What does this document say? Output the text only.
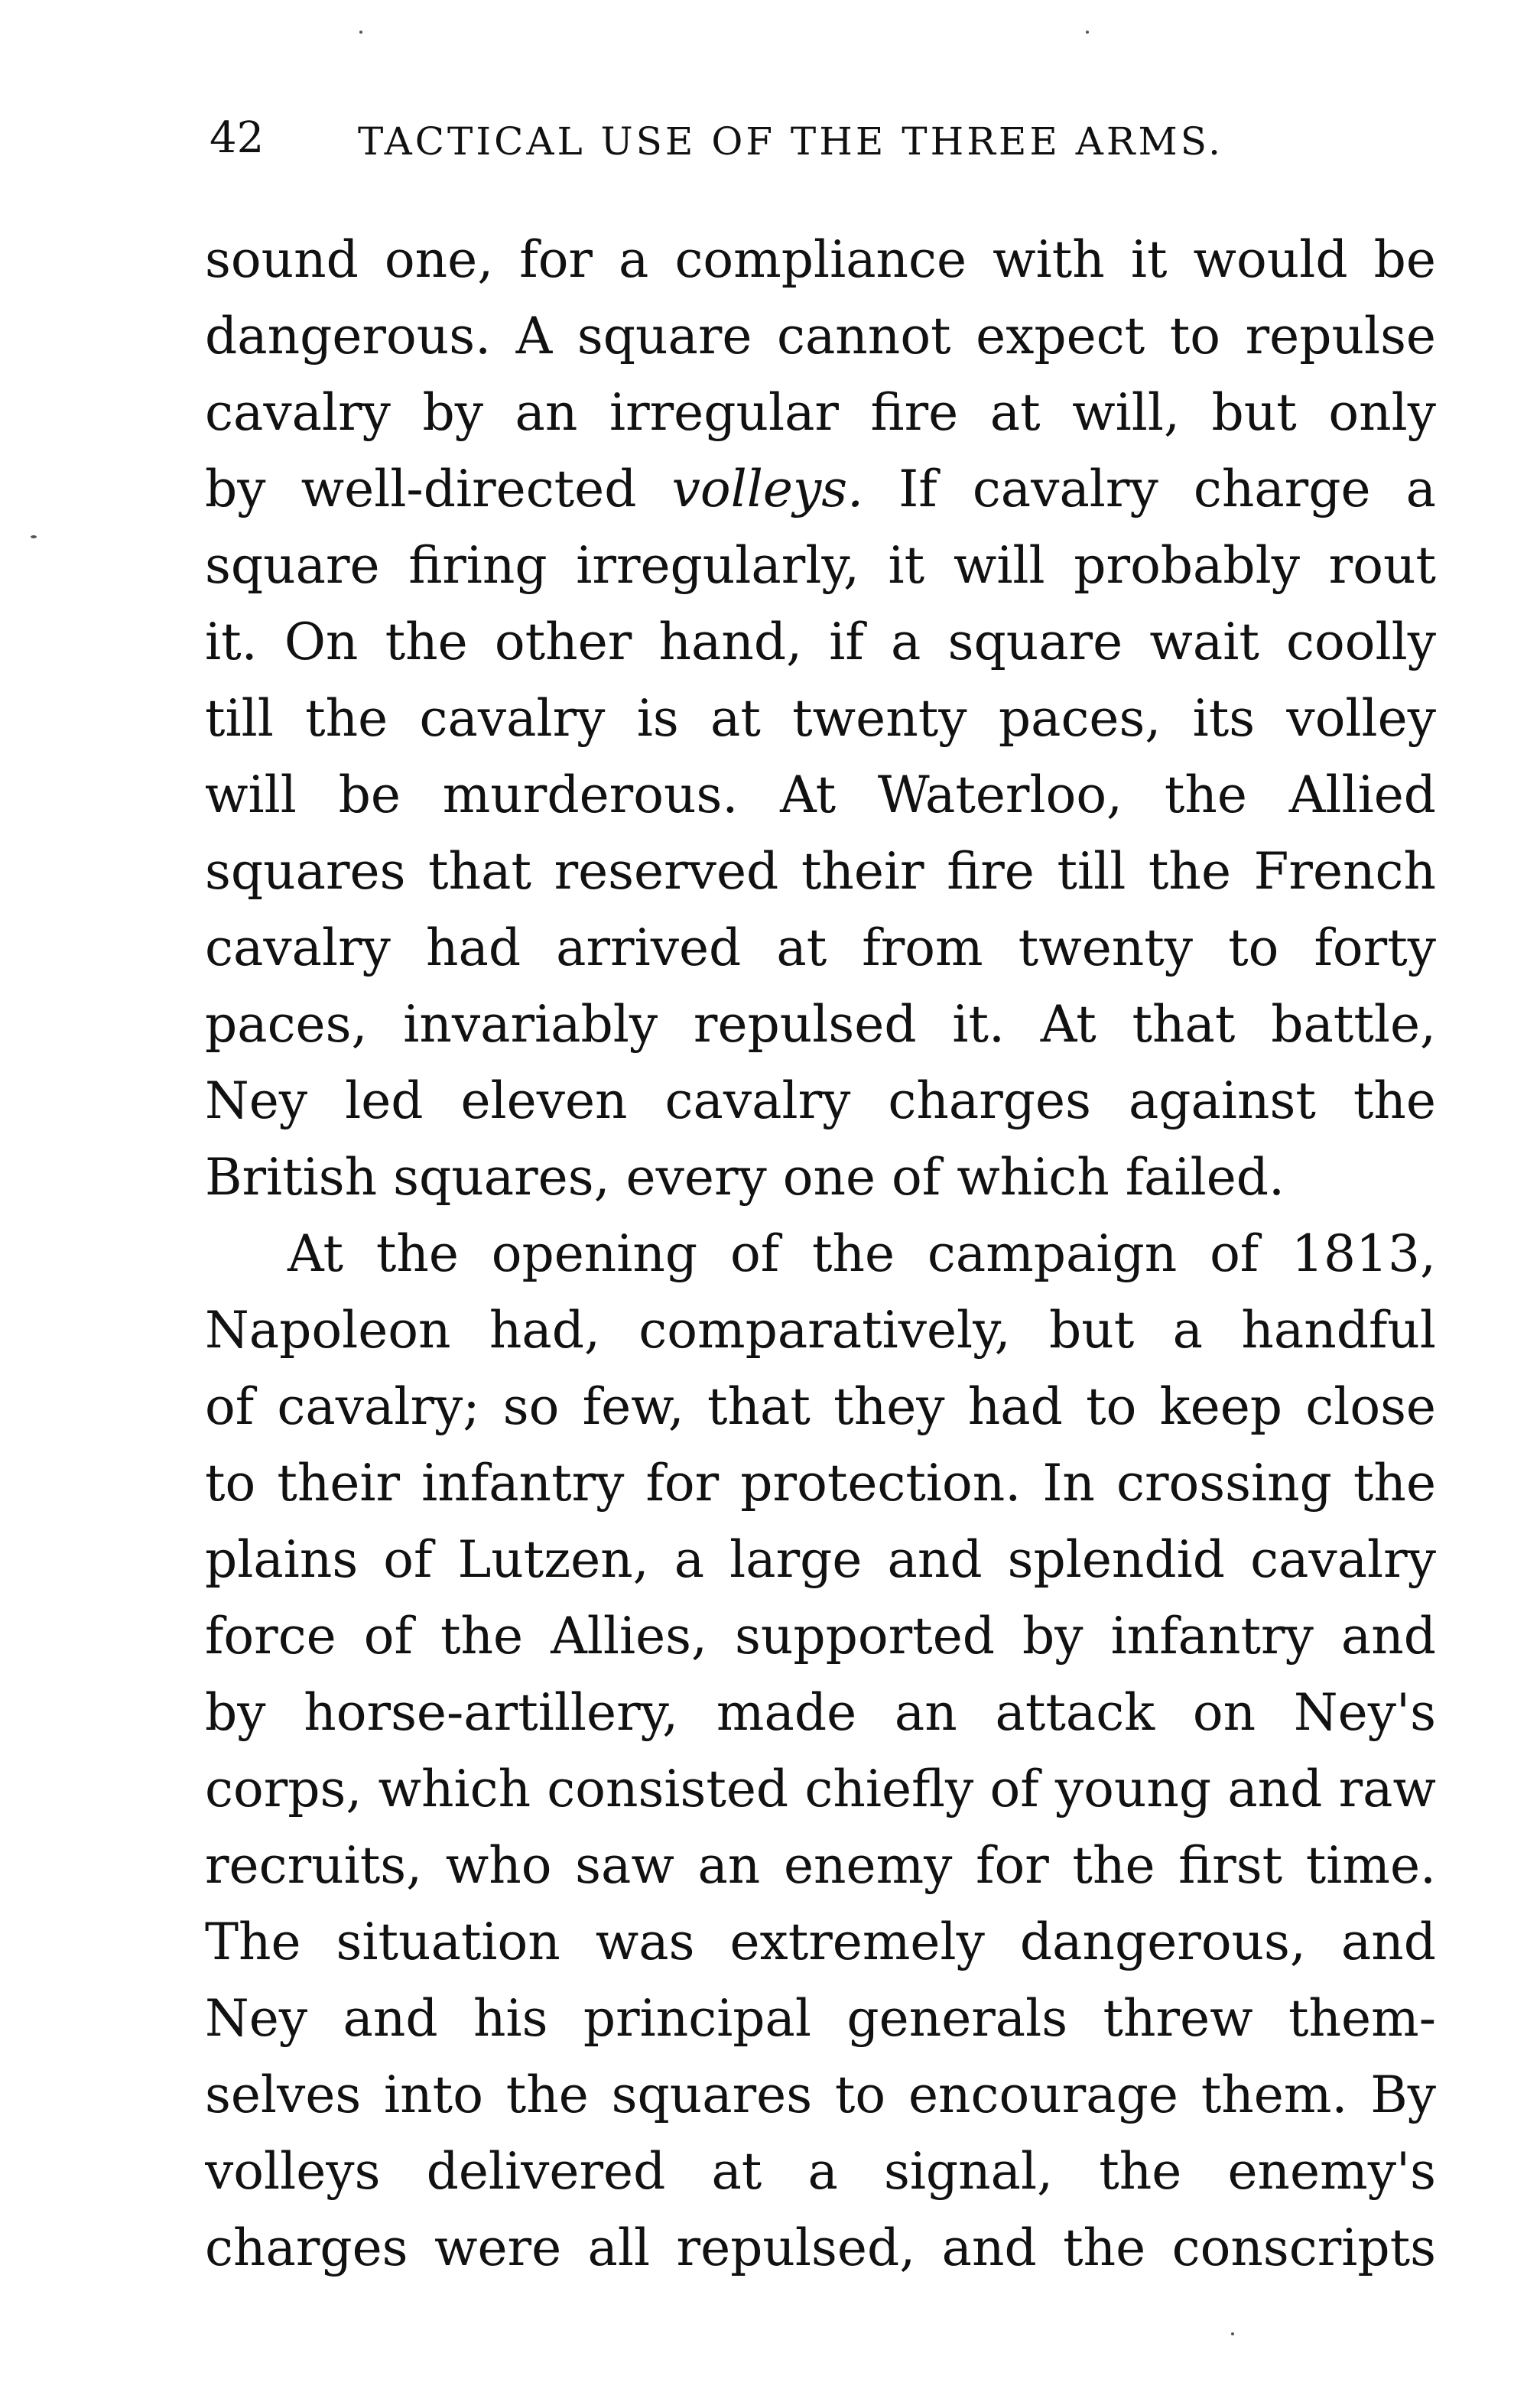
42 TACTICAL USE OF THE THREE ARMS.
sound one, for a compliance with it would be
dangerous. A square cannot expect to repulse
cavalry by an irregular fire at will, but only
by well-directed volleys. If cavalry charge a
square firing irregularly, it will probably rout
it. On the other hand, if a square wait coolly
till the cavalry is at twenty paces, its volley
will be murderous. At Waterloo, the Allied
squares that reserved their fire till the French
cavalry had arrived at from twenty to forty
paces, invariably repulsed it. At that battle,
Ney led eleven cavalry charges against the
British squares, every one of which failed.
At the opening of the campaign of 1813,
Napoleon had, comparatively, but a handful
of cavalry; so few, that they had to keep close
to their infantry for protection. In crossing the
plains of Lutzen, a large and splendid cavalry
force of the Allies, supported by infantry and
by horse-artillery, made an attack on Ney's
corps, which consisted chiefly of young and raw
recruits, who saw an enemy for the first time.
The situation was extremely dangerous, and
Ney and his principal generals threw them-
selves into the squares to encourage them. By
volleys delivered at a signal, the enemy's
charges were all repulsed, and the conscripts
